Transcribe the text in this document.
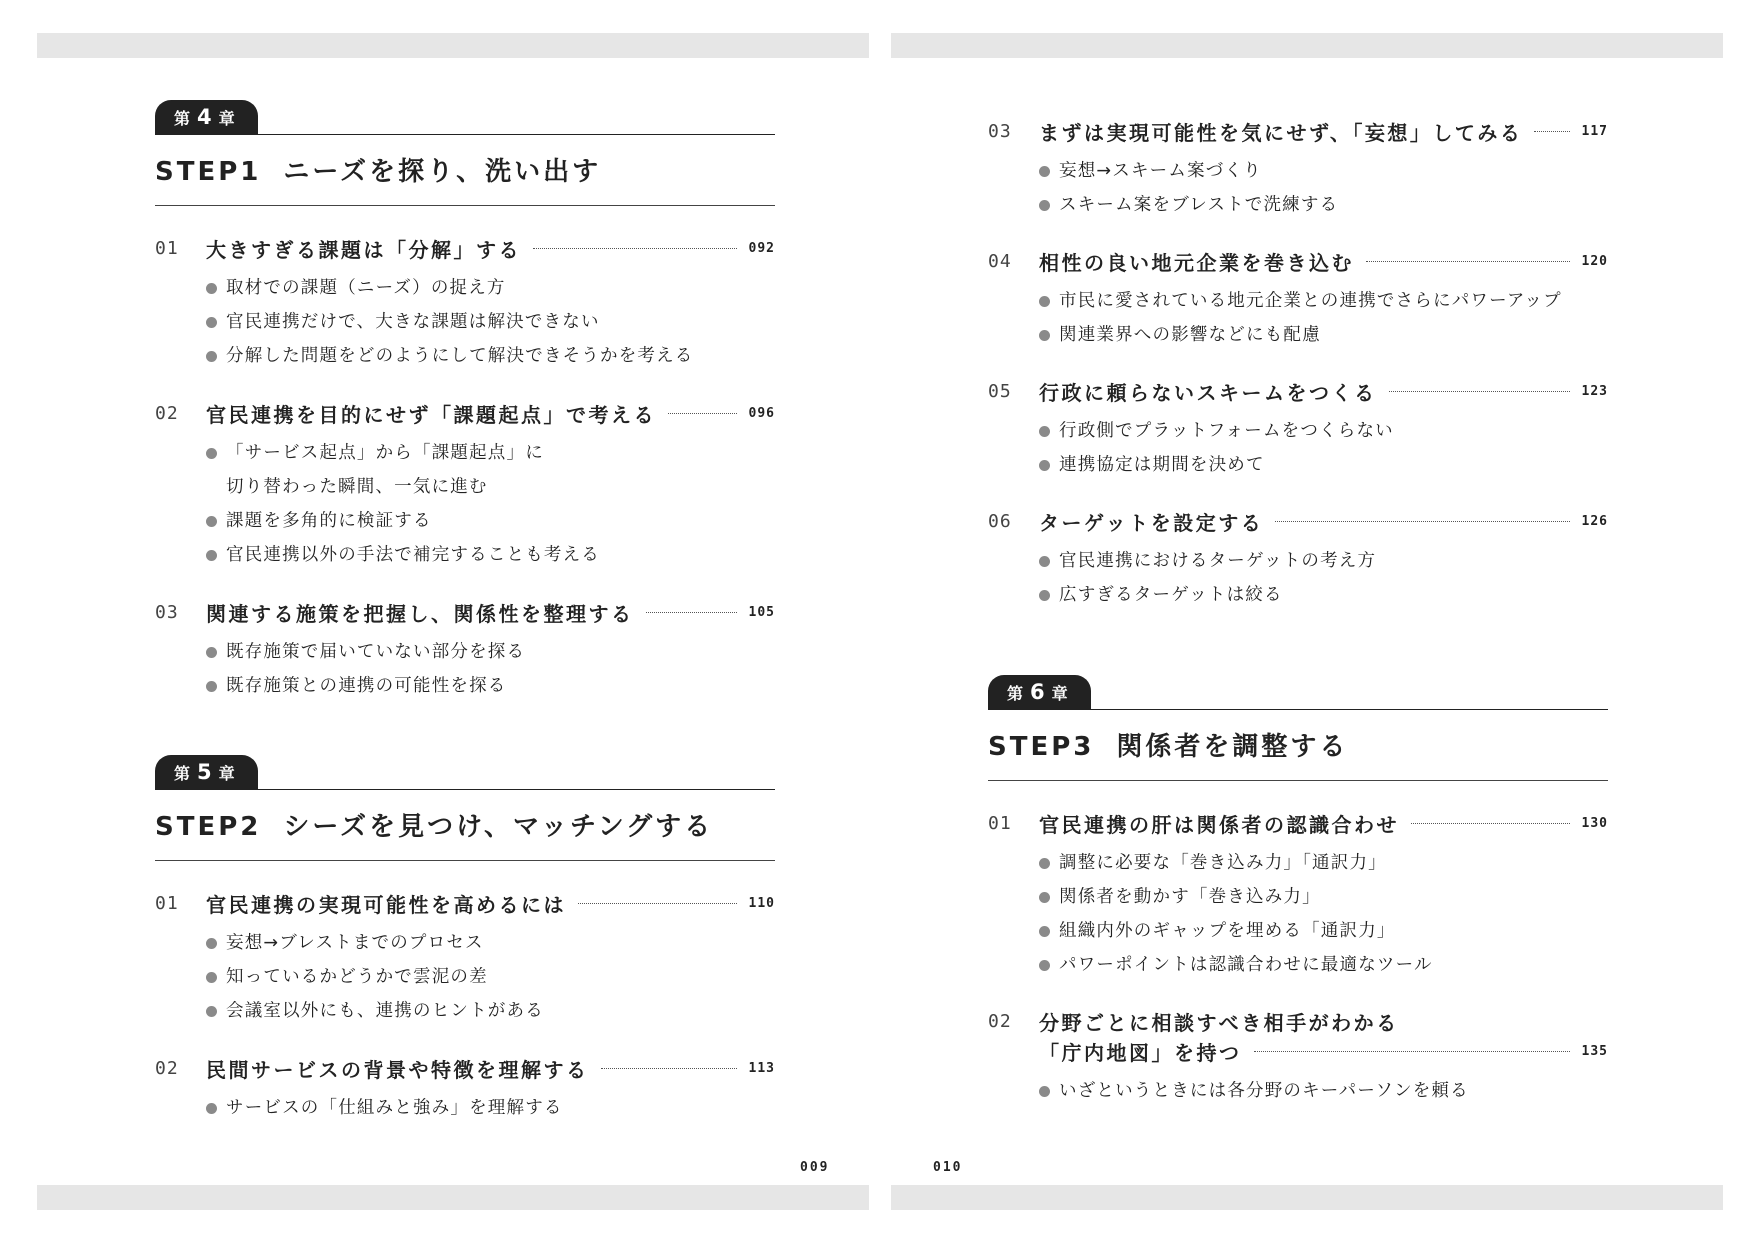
第 4 章
STEP1 ニーズを探り、洗い出す
01	大きすぎる課題は「分解」する	092
取材での課題（ニーズ）の捉え方
官民連携だけで、大きな課題は解決できない
分解した問題をどのようにして解決できそうかを考える
02	官民連携を目的にせず「課題起点」で考える	096
「サービス起点」から「課題起点」に
切り替わった瞬間、一気に進む
課題を多角的に検証する
官民連携以外の手法で補完することも考える
03	関連する施策を把握し、関係性を整理する	105
既存施策で届いていない部分を探る
既存施策との連携の可能性を探る
第 5 章
STEP2 シーズを見つけ、マッチングする
01	官民連携の実現可能性を高めるには	110
妄想→ブレストまでのプロセス
知っているかどうかで雲泥の差
会議室以外にも、連携のヒントがある
02	民間サービスの背景や特徴を理解する	113
サービスの「仕組みと強み」を理解する
009
03	まずは実現可能性を気にせず、「妄想」してみる	117
妄想→スキーム案づくり
スキーム案をブレストで洗練する
04	相性の良い地元企業を巻き込む	120
市民に愛されている地元企業との連携でさらにパワーアップ
関連業界への影響などにも配慮
05	行政に頼らないスキームをつくる	123
行政側でプラットフォームをつくらない
連携協定は期間を決めて
06	ターゲットを設定する	126
官民連携におけるターゲットの考え方
広すぎるターゲットは絞る
第 6 章
STEP3 関係者を調整する
01	官民連携の肝は関係者の認識合わせ	130
調整に必要な「巻き込み力」「通訳力」
関係者を動かす「巻き込み力」
組織内外のギャップを埋める「通訳力」
パワーポイントは認識合わせに最適なツール
02	分野ごとに相談すべき相手がわかる
「庁内地図」を持つ	135
いざというときには各分野のキーパーソンを頼る
010
